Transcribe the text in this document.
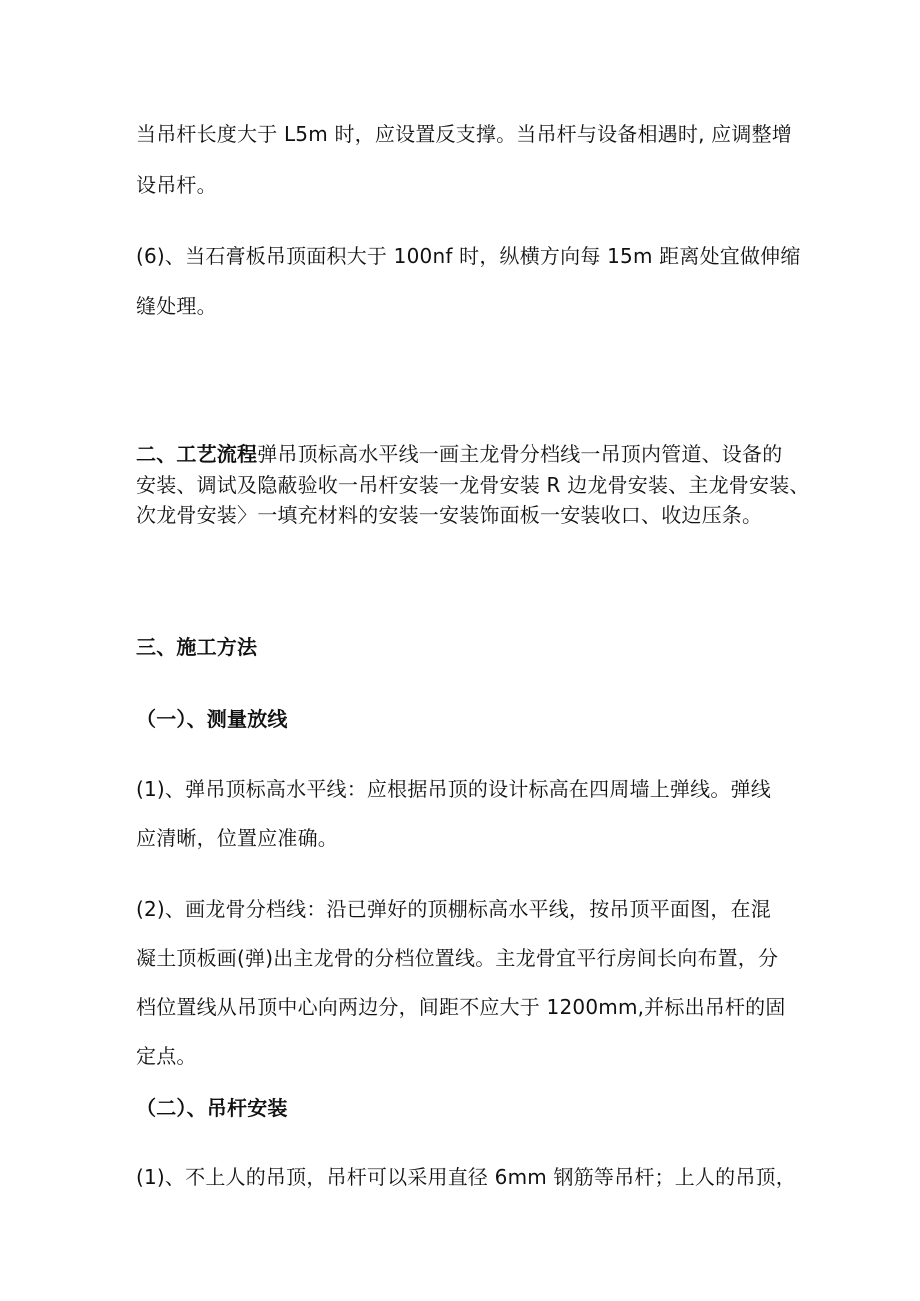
当吊杆长度大于 L5m 时，应设置反支撑。当吊杆与设备相遇时, 应调整增
设吊杆。
(6)、当石膏板吊顶面积大于 100nf 时，纵横方向每 15m 距离处宜做伸缩
缝处理。
二、工艺流程弹吊顶标高水平线一画主龙骨分档线一吊顶内管道、设备的
安装、调试及隐蔽验收一吊杆安装一龙骨安装 R 边龙骨安装、主龙骨安装、
次龙骨安装〉一填充材料的安装一安装饰面板一安装收口、收边压条。
三、施工方法
（一）、测量放线
(1)、弹吊顶标高水平线：应根据吊顶的设计标高在四周墙上弹线。弹线
应清晰，位置应准确。
(2)、画龙骨分档线：沿已弹好的顶棚标高水平线，按吊顶平面图，在混
凝土顶板画(弹)出主龙骨的分档位置线。主龙骨宜平行房间长向布置，分
档位置线从吊顶中心向两边分，间距不应大于 1200mm,并标出吊杆的固
定点。
（二）、吊杆安装
(1)、不上人的吊顶，吊杆可以采用直径 6mm 钢筋等吊杆；上人的吊顶，
